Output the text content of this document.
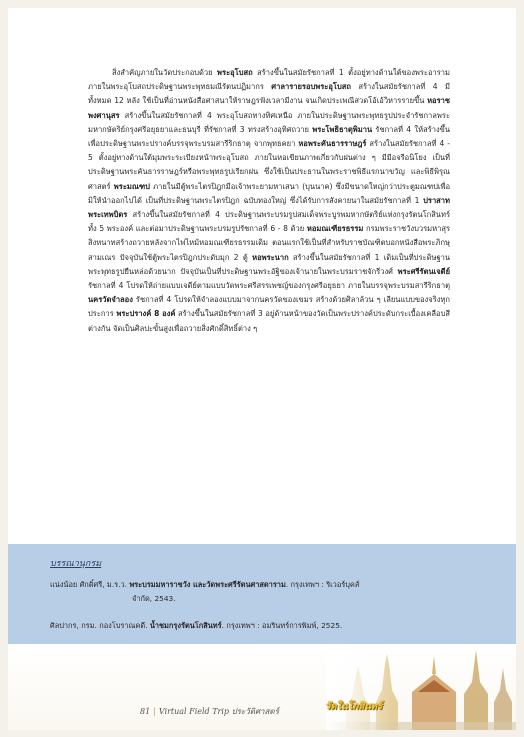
สิ่งสำคัญภายในวัดประกอบด้วย พระอุโบสถ สร้างขึ้นในสมัยรัชกาลที่ 1 ตั้งอยู่ทางด้านใต้ของพระอาราม ภายในพระอุโบสถประดิษฐานพระพุทธมณีรัตนปฏิมากร ศาลารายรอบพระอุโบสถ สร้างในสมัยรัชกาลที่ 4 มีทั้งหมด 12 หลัง ใช้เป็นที่อ่านหนังสือศาสนาให้ราษฎรฟังเวลามีงาน จนเกิดประเพณีสวดโอ้เอ้วิหารรายขึ้น หอราชพงศานุสร สร้างขึ้นในสมัยรัชกาลที่ 4 พระอุโบสถทางทิศเหนือ ภายในประดิษฐานพระพุทธรูปประจำรัชกาลพระมหากษัตริย์กรุงศรีอยุธยาและธนบุรี ที่รัชกาลที่ 3 ทรงสร้างอุทิศถวาย พระโพธิธาตุพิมาน รัชกาลที่ 4 ให้สร้างขึ้นเพื่อประดิษฐานพระปรางค์บรรจุพระบรมสารีริกธาตุ จากพุทธคยา หอพระคันธารราษฎร์ สร้างในสมัยรัชกาลที่ 4 - 5 ตั้งอยู่ทางด้านใต้มุมพระระเบียงหน้าพระอุโบสถ ภายในหอเขียนภาพเกี่ยวกับฝนต่าง ๆ มีมีอจรีอนิโยง เป็นที่ประดิษฐานพระคันธารราษฎร์หรือพระพุทธรูปเรียกฝน ซึ่งใช้เป็นประธานในพระราชพิธีแรกนาขวัญ และพิธีพิรุณศาสตร์ พระมณฑป ภายในมีตู้พระไตรปิฎกมีอเจ้าพระยามหาเสนา (บุนนาค) ซึ่งมีขนาดใหญ่กว่าประตูมณฑปเพื่อมิให้นำออกไปได้ เป็นที่ประดิษฐานพระไตรปิฎก ฉบับทองใหญ่ ซึ่งได้รับการสังคายนาในสมัยรัชกาลที่ 1 ปราสาทพระเทพบิดร สร้างขึ้นในสมัยรัชกาลที่ 4 ประดิษฐานพระบรมรูปสมเด็จพระบูรพมหากษัตริย์แห่งกรุงรัตนโกสินทร์ทั้ง 5 พระองค์ และต่อมาประดิษฐานพระบรมรูปรัชกาลที่ 6 - 8 ด้วย หอมณเฑียรธรรม กรมพระราชวังบวรมหาสุรสิงหนาทสร้างถวายหลังจากไฟไหม้หอมณเฑียรธรรมเดิม ตอนแรกใช้เป็นที่สำหรับราชบัณฑิตบอกหนังสือพระภิกษุ สามเณร ปัจจุบันใช้ตู้พระไตรปิฎกประดับมุก 2 ตู้ หอพระนาก สร้างขึ้นในสมัยรัชกาลที่ 1 เดิมเป็นที่ประดิษฐานพระพุทธรูปยืนหล่อด้วยนาก ปัจจุบันเป็นที่ประดิษฐานพระอัฐิของเจ้านายในพระบรมราชจักรีวงศ์ พระศรีรัตนเจดีย์ รัชกาลที่ 4 โปรดให้ถ่ายแบบเจดีย์ตามแบบวัดพระศรีสรรเพชญ์ของกรุงศรีอยุธยา ภายในบรรจุพระบรมสารีริกธาตุ นครวัดจำลอง รัชกาลที่ 4 โปรดให้จำลองแบบมาจากนครวัดของเขมร สร้างด้วยศิลาล้วน ๆ เลียนแบบของจริงทุกประการ พระปรางค์ 8 องค์ สร้างขึ้นในสมัยรัชกาลที่ 3 อยู่ด้านหน้าของวัดเป็นพระปรางค์ประดับกระเบื้องเคลือบสีต่างกัน จัดเป็นศิลปะขั้นสูงเพื่อถวายสิ่งศักดิ์สิทธิ์ต่าง ๆ
บรรณานุกรม
แน่งน้อย ศักดิ์ศรี, ม.ร.ว. พระบรมมหาราชวัง และวัดพระศรีรัตนศาสดาราม. กรุงเทพฯ : ริเวอร์บุคส์
จำกัด, 2543.
ศิลปากร, กรม. กองโบราณคดี. น้ำชมกรุงรัตนโกสินทร์. กรุงเทพฯ : อมรินทร์การพิมพ์, 2525.
81 | Virtual Field Trip ประวัติศาสตร์	วัดในโกสินทร์
